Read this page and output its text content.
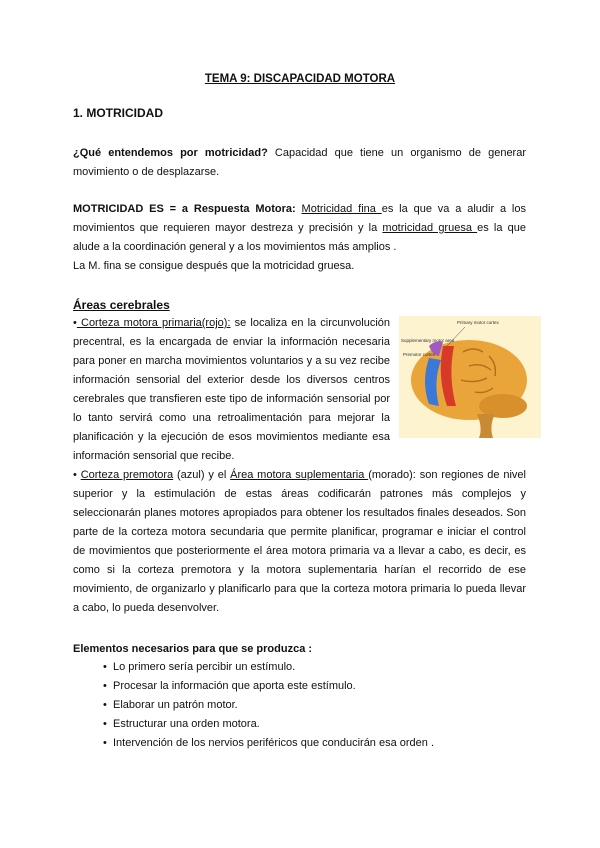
TEMA 9: DISCAPACIDAD MOTORA
1. MOTRICIDAD
¿Qué entendemos por motricidad? Capacidad que tiene un organismo de generar movimiento o de desplazarse.
MOTRICIDAD ES = a Respuesta Motora: Motricidad fina es la que va a aludir a los movimientos que requieren mayor destreza y precisión y la motricidad gruesa es la que alude a la coordinación general y a los movimientos más amplios .
La M. fina se consigue después que la motricidad gruesa.
Áreas cerebrales
• Corteza motora primaria(rojo): se localiza en la circunvolución precentral, es la encargada de enviar la información necesaria para poner en marcha movimientos voluntarios y a su vez recibe información sensorial del exterior desde los diversos centros cerebrales que transfieren este tipo de información sensorial por lo tanto servirá como una retroalimentación para mejorar la planificación y la ejecución de esos movimientos mediante esa información sensorial que recibe.
Primary motor cortex
Supplementary motor area
Premotor cortex
• Corteza premotora (azul) y el Área motora suplementaria (morado): son regiones de nivel superior y la estimulación de estas áreas codificarán patrones más complejos y seleccionarán planes motores apropiados para obtener los resultados finales deseados. Son parte de la corteza motora secundaria que permite planificar, programar e iniciar el control de movimientos que posteriormente el área motora primaria va a llevar a cabo, es decir, es como si la corteza premotora y la motora suplementaria harían el recorrido de ese movimiento, de organizarlo y planificarlo para que la corteza motora primaria lo pueda llevar a cabo, lo pueda desenvolver.
Elementos necesarios para que se produzca :
• Lo primero sería percibir un estímulo.
• Procesar la información que aporta este estímulo.
• Elaborar un patrón motor.
• Estructurar una orden motora.
• Intervención de los nervios periféricos que conducirán esa orden .
